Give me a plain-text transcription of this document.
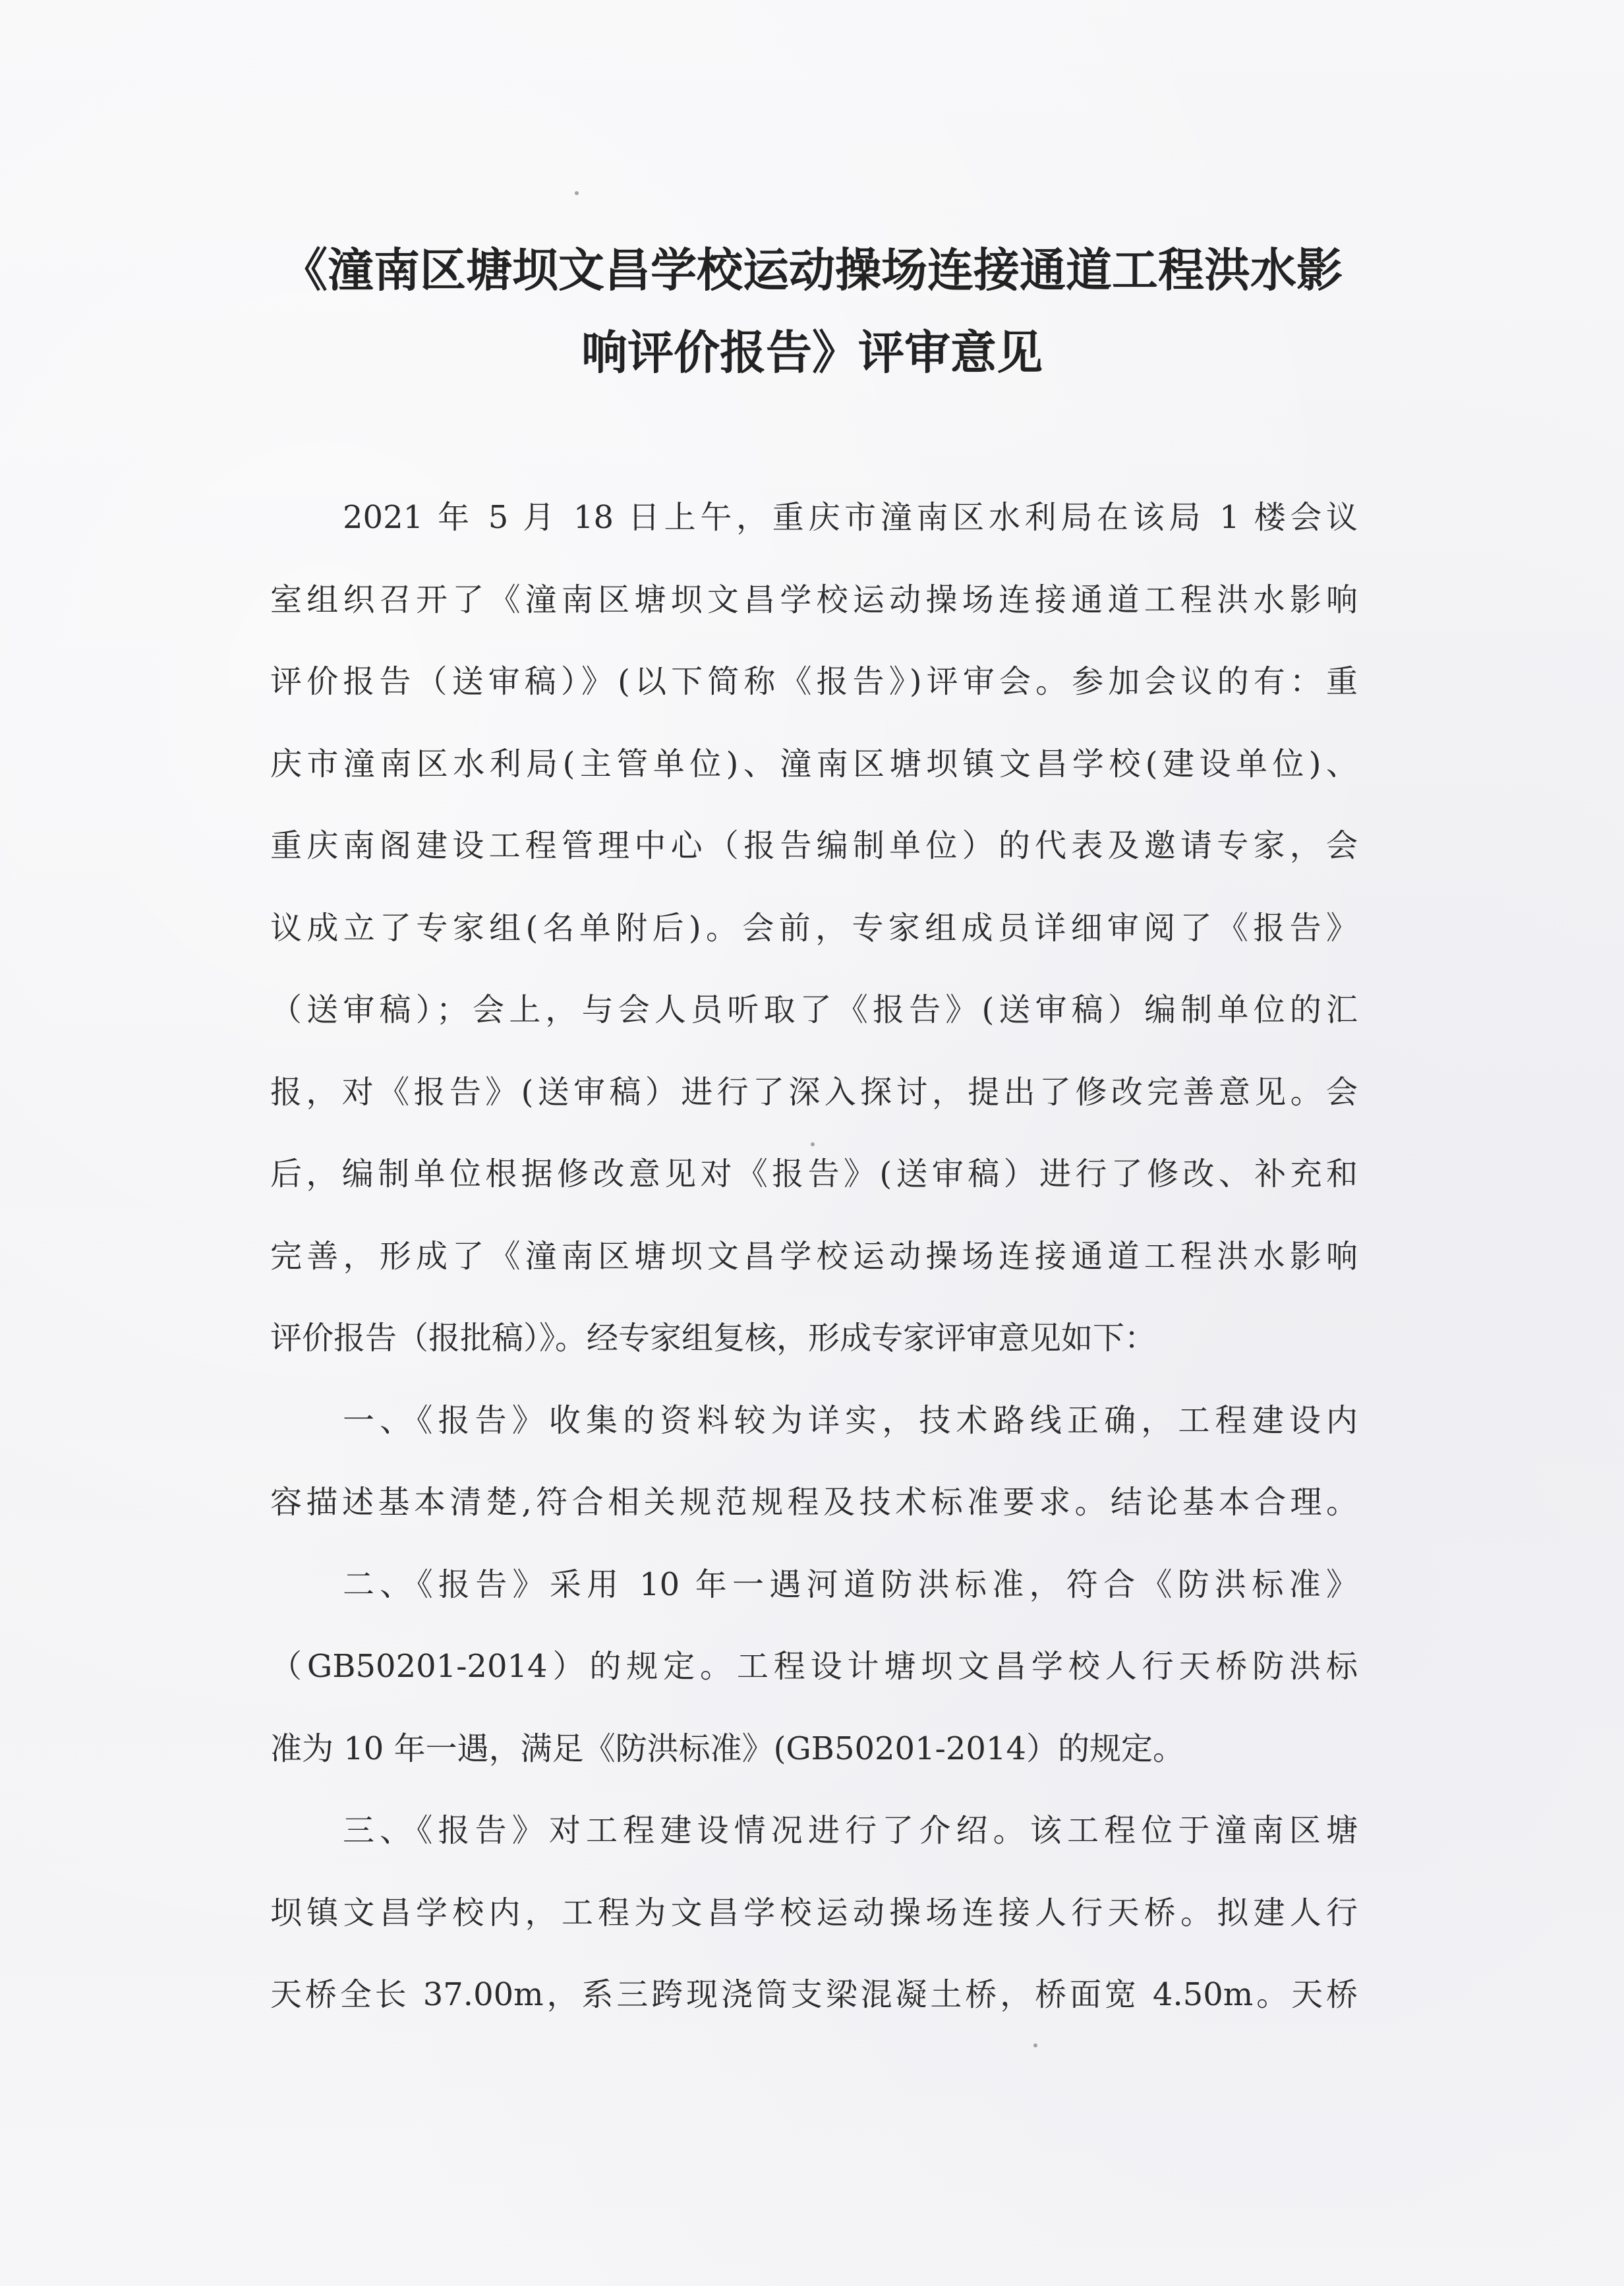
《潼南区塘坝文昌学校运动操场连接通道工程洪水影
响评价报告》评审意见

2021 年 5 月 18 日上午，重庆市潼南区水利局在该局 1 楼会议

室组织召开了《潼南区塘坝文昌学校运动操场连接通道工程洪水影响

评价报告（送审稿）》(以下简称《报告》)评审会。参加会议的有：重

庆市潼南区水利局(主管单位)、潼南区塘坝镇文昌学校(建设单位)、

重庆南阁建设工程管理中心（报告编制单位）的代表及邀请专家，会

议成立了专家组(名单附后)。会前，专家组成员详细审阅了《报告》

（送审稿）；会上，与会人员听取了《报告》(送审稿）编制单位的汇

报，对《报告》(送审稿）进行了深入探讨，提出了修改完善意见。会

后，编制单位根据修改意见对《报告》(送审稿）进行了修改、补充和

完善，形成了《潼南区塘坝文昌学校运动操场连接通道工程洪水影响

评价报告（报批稿）》。经专家组复核，形成专家评审意见如下：

一、《报告》收集的资料较为详实，技术路线正确，工程建设内

容描述基本清楚,符合相关规范规程及技术标准要求。结论基本合理。

二、《报告》采用 10 年一遇河道防洪标准，符合《防洪标准》

（GB50201-2014）的规定。工程设计塘坝文昌学校人行天桥防洪标

准为 10 年一遇，满足《防洪标准》(GB50201-2014）的规定。

三、《报告》对工程建设情况进行了介绍。该工程位于潼南区塘

坝镇文昌学校内，工程为文昌学校运动操场连接人行天桥。拟建人行

天桥全长 37.00m，系三跨现浇筒支梁混凝土桥，桥面宽 4.50m。天桥
